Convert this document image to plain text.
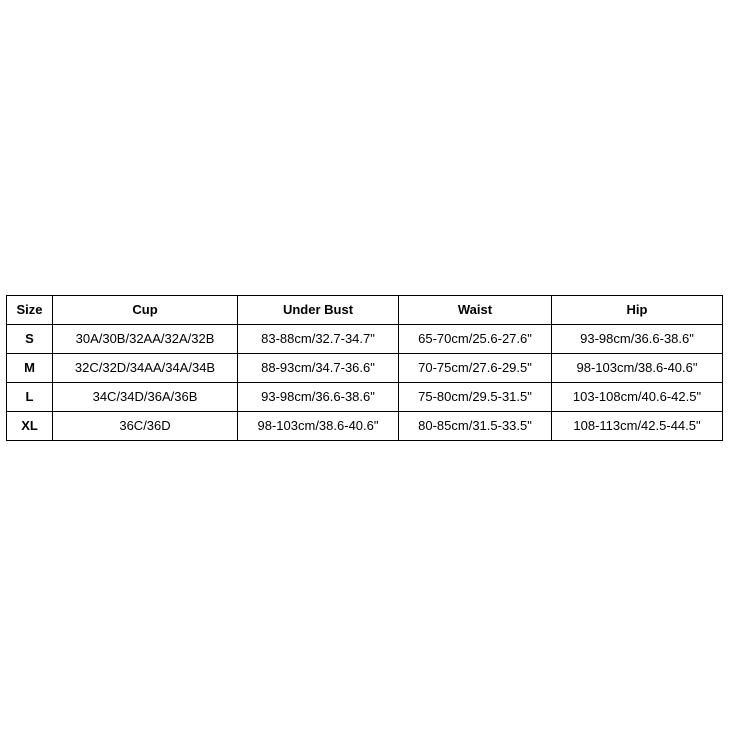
Size	Cup	Under Bust	Waist	Hip
S	30A/30B/32AA/32A/32B	83-88cm/32.7-34.7"	65-70cm/25.6-27.6"	93-98cm/36.6-38.6"
M	32C/32D/34AA/34A/34B	88-93cm/34.7-36.6"	70-75cm/27.6-29.5"	98-103cm/38.6-40.6"
L	34C/34D/36A/36B	93-98cm/36.6-38.6"	75-80cm/29.5-31.5"	103-108cm/40.6-42.5"
XL	36C/36D	98-103cm/38.6-40.6"	80-85cm/31.5-33.5"	108-113cm/42.5-44.5"
